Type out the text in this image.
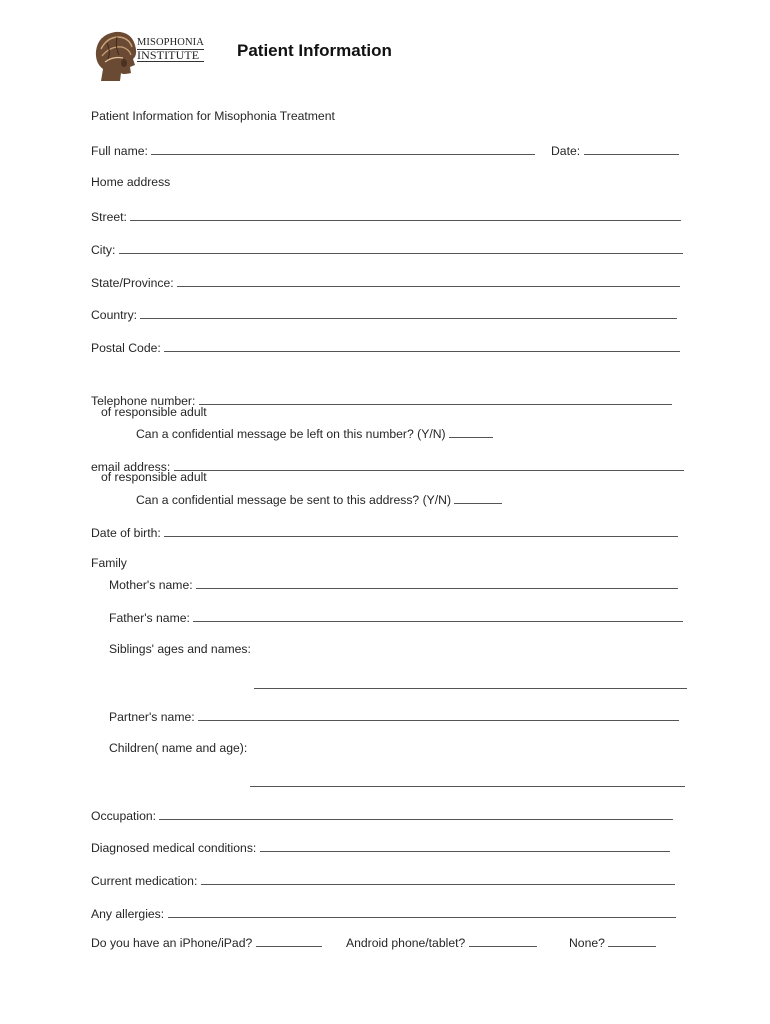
MISOPHONIA
INSTITUTE Patient Information
Patient Information for Misophonia Treatment
Full name:	Date:
Home address
Street:
City:
State/Province:
Country:
Postal Code:
Telephone number:
of responsible adult
Can a confidential message be left on this number? (Y/N)
email address:
of responsible adult
Can a confidential message be sent to this address? (Y/N)
Date of birth:
Family
Mother's name:
Father's name:
Siblings' ages and names:
Partner's name:
Children( name and age):
Occupation:
Diagnosed medical conditions:
Current medication:
Any allergies:
Do you have an iPhone/iPad?	Android phone/tablet?	None?
